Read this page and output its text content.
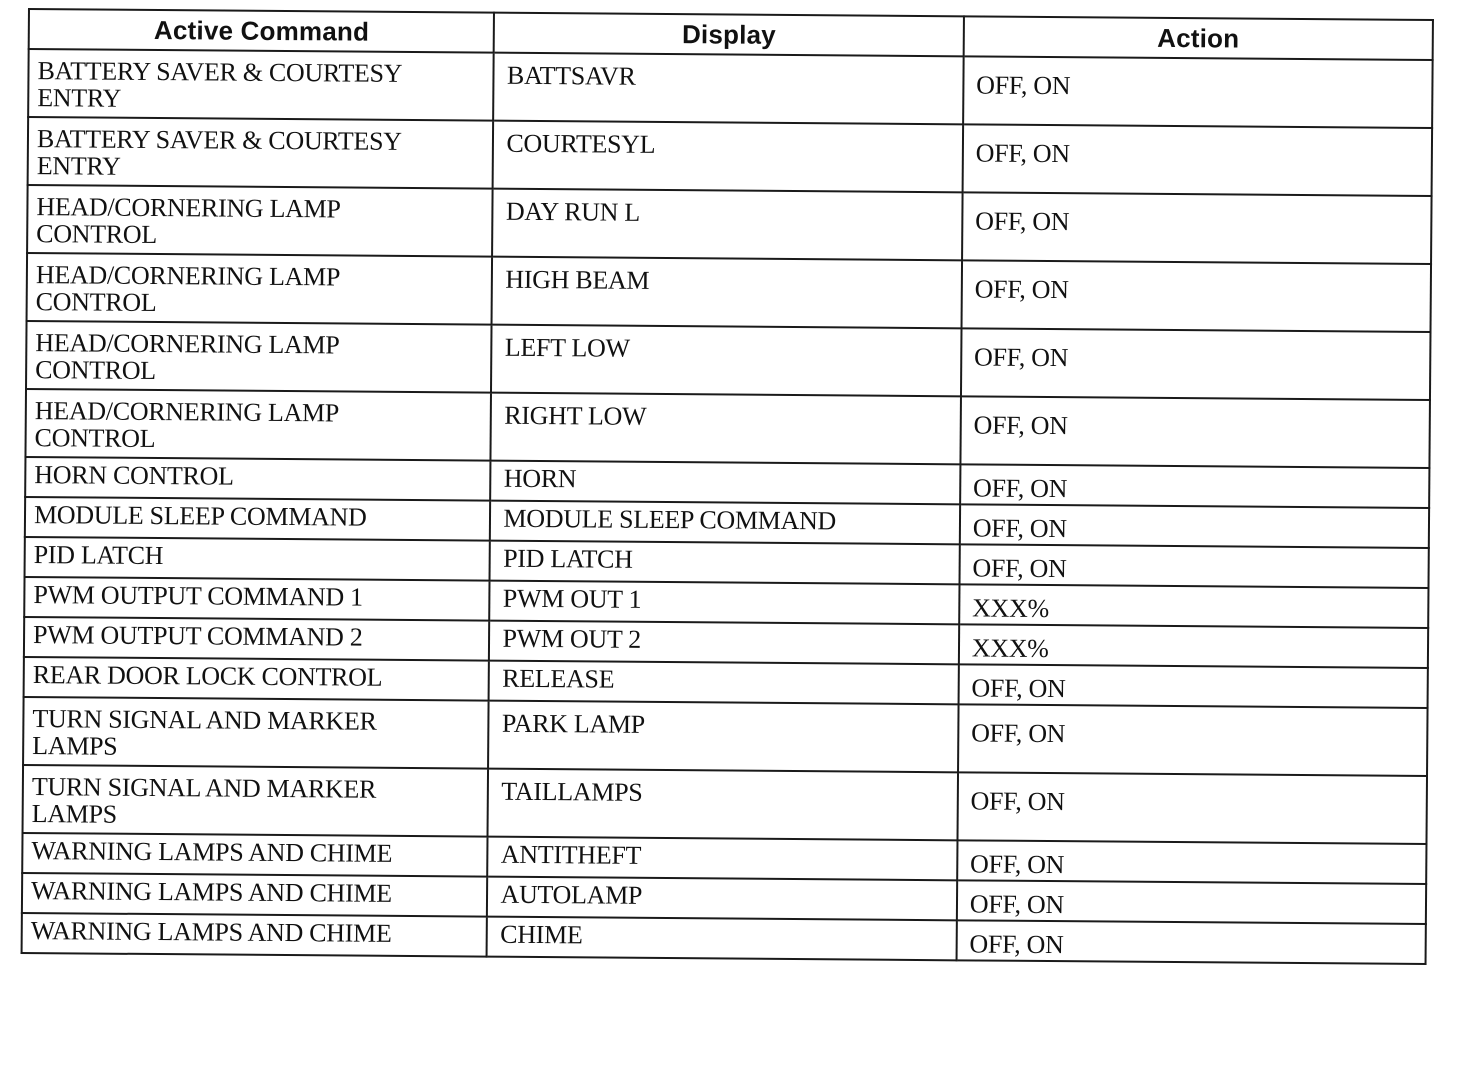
Active Command	Display	Action

BATTERY SAVER & COURTESY
ENTRY	BATTSAVR	OFF, ON

BATTERY SAVER & COURTESY
ENTRY	COURTESYL	OFF, ON

HEAD/CORNERING LAMP
CONTROL	DAY RUN L	OFF, ON

HEAD/CORNERING LAMP
CONTROL	HIGH BEAM	OFF, ON

HEAD/CORNERING LAMP
CONTROL	LEFT LOW	OFF, ON

HEAD/CORNERING LAMP
CONTROL	RIGHT LOW	OFF, ON

HORN CONTROL	HORN	OFF, ON

MODULE SLEEP COMMAND	MODULE SLEEP COMMAND	OFF, ON

PID LATCH	PID LATCH	OFF, ON

PWM OUTPUT COMMAND 1	PWM OUT 1	XXX%

PWM OUTPUT COMMAND 2	PWM OUT 2	XXX%

REAR DOOR LOCK CONTROL	RELEASE	OFF, ON

TURN SIGNAL AND MARKER
LAMPS	PARK LAMP	OFF, ON

TURN SIGNAL AND MARKER
LAMPS	TAILLAMPS	OFF, ON

WARNING LAMPS AND CHIME	ANTITHEFT	OFF, ON

WARNING LAMPS AND CHIME	AUTOLAMP	OFF, ON

WARNING LAMPS AND CHIME	CHIME	OFF, ON
